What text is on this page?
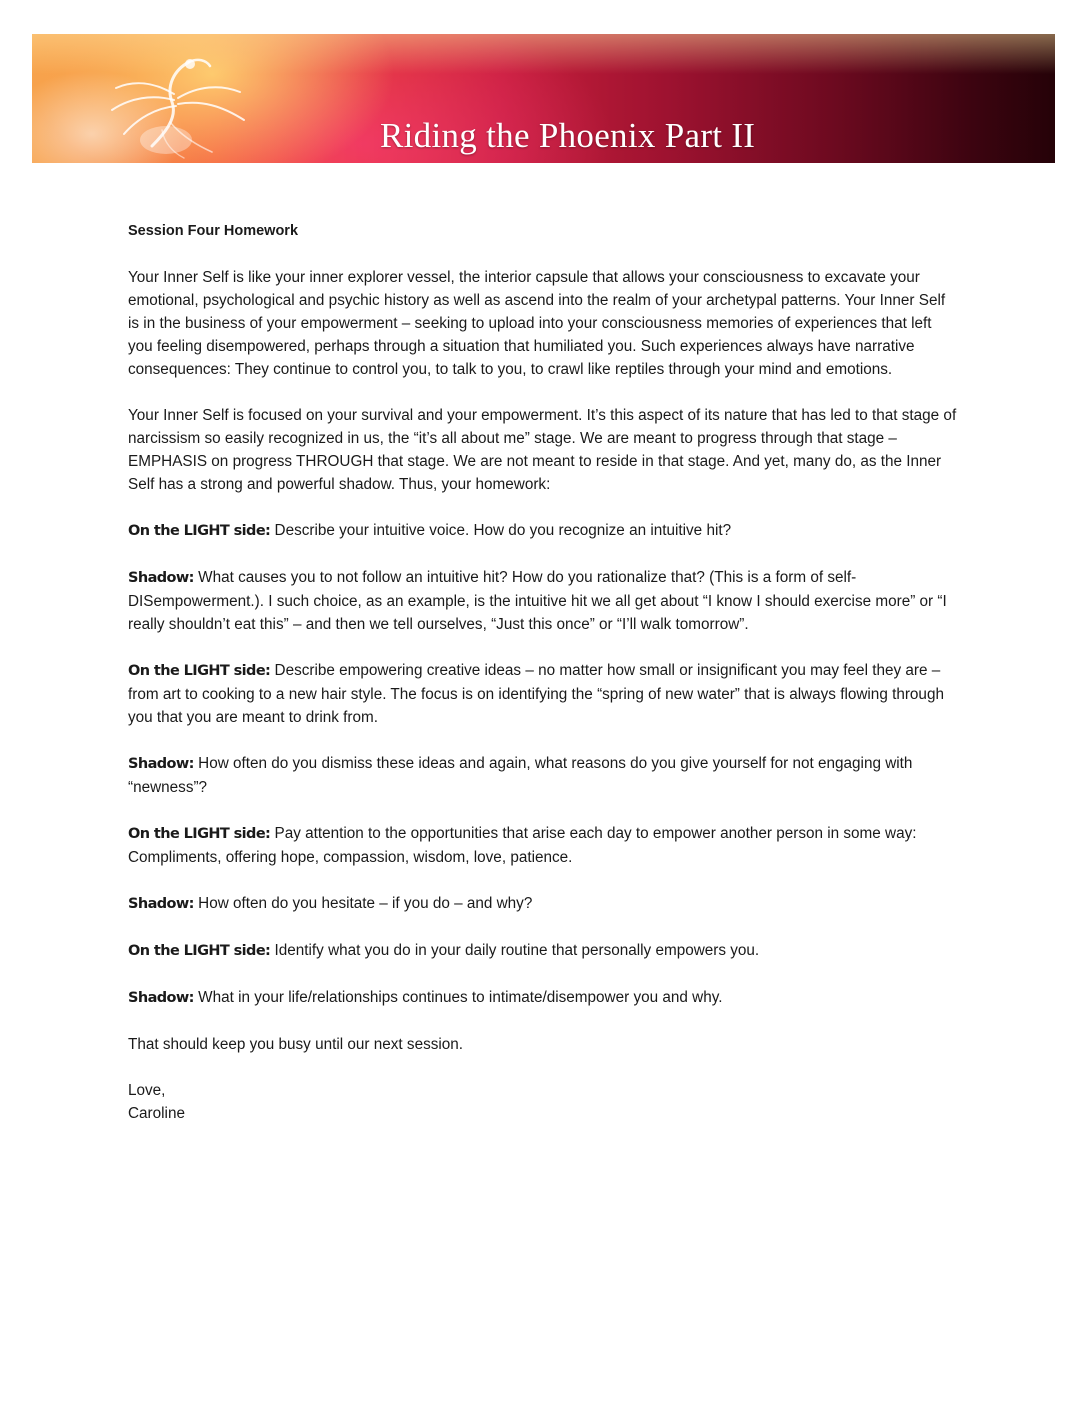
Riding the Phoenix Part II

Session Four Homework

Your Inner Self is like your inner explorer vessel, the interior capsule that allows your consciousness to excavate your emotional, psychological and psychic history as well as ascend into the realm of your archetypal patterns. Your Inner Self is in the business of your empowerment – seeking to upload into your consciousness memories of experiences that left you feeling disempowered, perhaps through a situation that humiliated you. Such experiences always have narrative consequences: They continue to control you, to talk to you, to crawl like reptiles through your mind and emotions.

Your Inner Self is focused on your survival and your empowerment. It’s this aspect of its nature that has led to that stage of narcissism so easily recognized in us, the “it’s all about me” stage. We are meant to progress through that stage – EMPHASIS on progress THROUGH that stage. We are not meant to reside in that stage. And yet, many do, as the Inner Self has a strong and powerful shadow. Thus, your homework:

On the LIGHT side: Describe your intuitive voice. How do you recognize an intuitive hit?

Shadow: What causes you to not follow an intuitive hit? How do you rationalize that? (This is a form of self-DISempowerment.). I such choice, as an example, is the intuitive hit we all get about “I know I should exercise more” or “I really shouldn’t eat this” – and then we tell ourselves, “Just this once” or “I’ll walk tomorrow”.

On the LIGHT side: Describe empowering creative ideas – no matter how small or insignificant you may feel they are – from art to cooking to a new hair style. The focus is on identifying the “spring of new water” that is always flowing through you that you are meant to drink from.

Shadow: How often do you dismiss these ideas and again, what reasons do you give yourself for not engaging with “newness”?

On the LIGHT side: Pay attention to the opportunities that arise each day to empower another person in some way: Compliments, offering hope, compassion, wisdom, love, patience.

Shadow: How often do you hesitate – if you do – and why?

On the LIGHT side: Identify what you do in your daily routine that personally empowers you.

Shadow: What in your life/relationships continues to intimate/disempower you and why.

That should keep you busy until our next session.

Love,

Caroline
